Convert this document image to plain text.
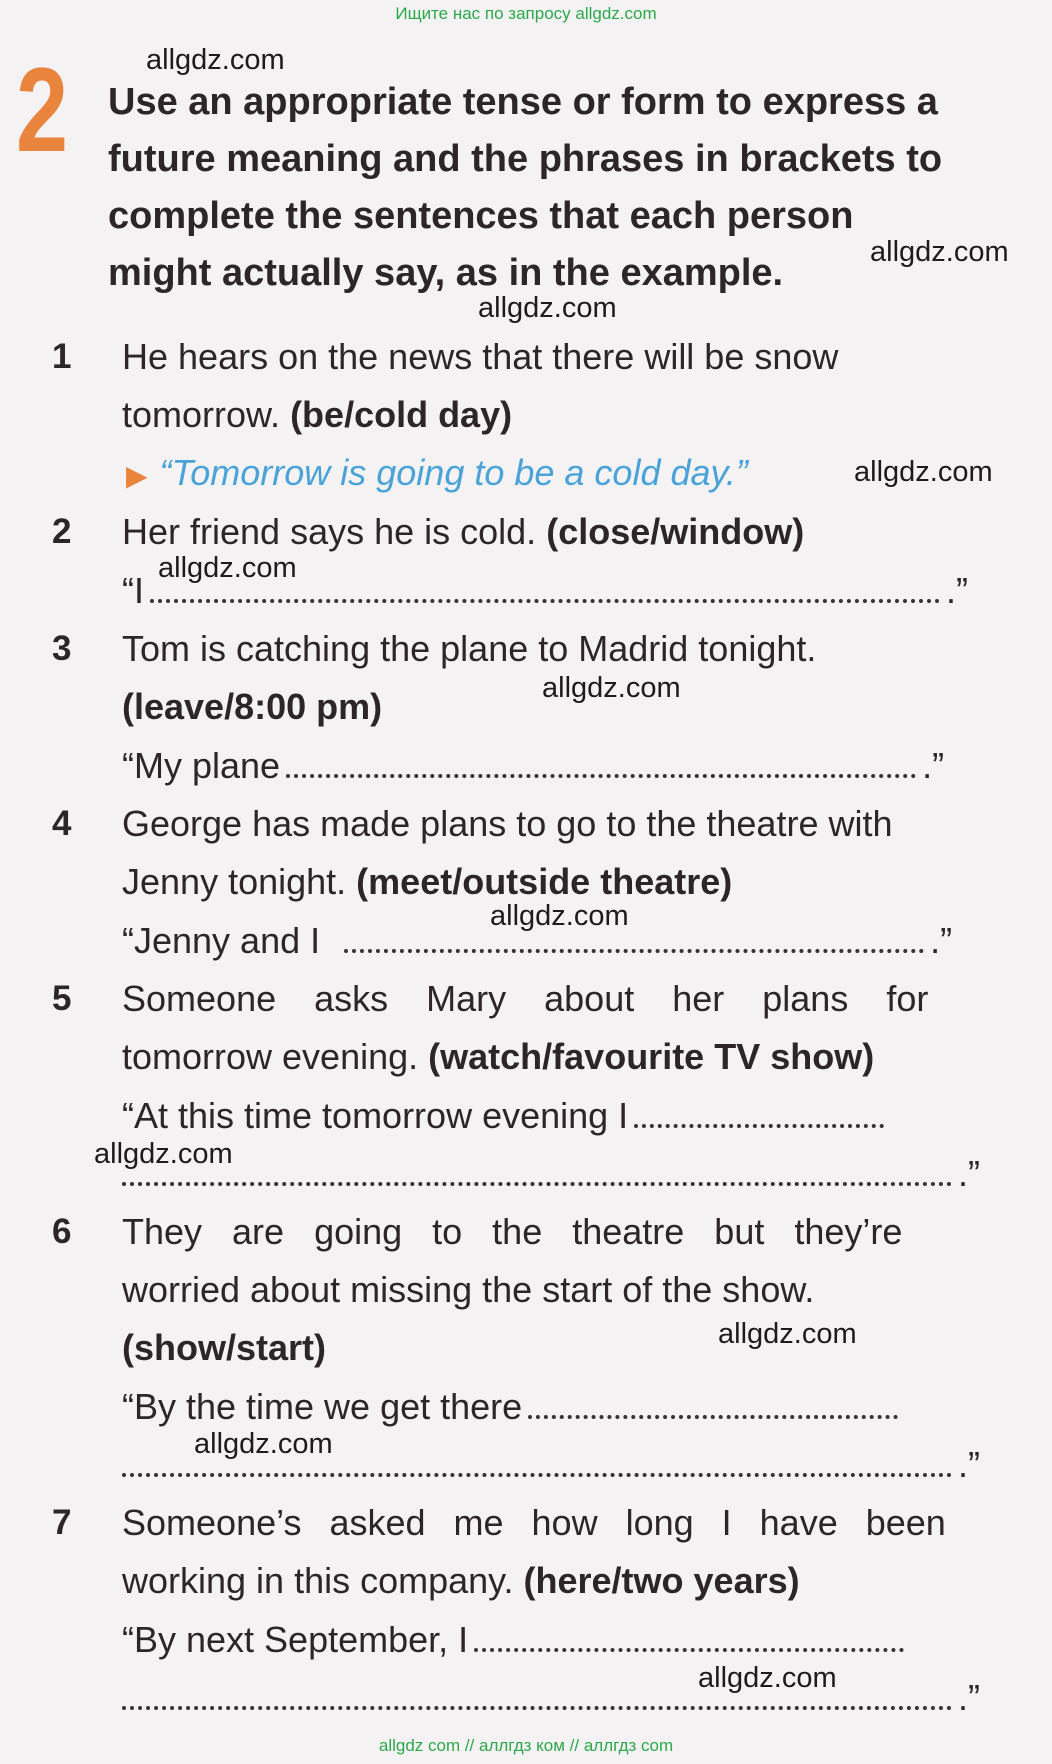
Ищите нас по запросу allgdz.com
2 Use an appropriate tense or form to express a
future meaning and the phrases in brackets to
complete the sentences that each person
might actually say, as in the example.
1 He hears on the news that there will be snow
tomorrow. (be/cold day)
▶ “Tomorrow is going to be a cold day.”
2 Her friend says he is cold. (close/window)
“I	.”
3 Tom is catching the plane to Madrid tonight.
(leave/8:00 pm)
“My plane	.”
4 George has made plans to go to the theatre with
Jenny tonight. (meet/outside theatre)
“Jenny and I	.”
5 Someone asks Mary about her plans for
tomorrow evening. (watch/favourite TV show)
“At this time tomorrow evening I
.”
6 They are going to the theatre but they’re
worried about missing the start of the show.
(show/start)
“By the time we get there
.”
7 Someone’s asked me how long I have been
working in this company. (here/two years)
“By next September, I
.”
allgdz.com
allgdz.com
allgdz.com
allgdz.com
allgdz.com
allgdz.com
allgdz.com
allgdz.com
allgdz.com
allgdz.com
allgdz.com
allgdz com // аллгдз ком // аллгдз com
